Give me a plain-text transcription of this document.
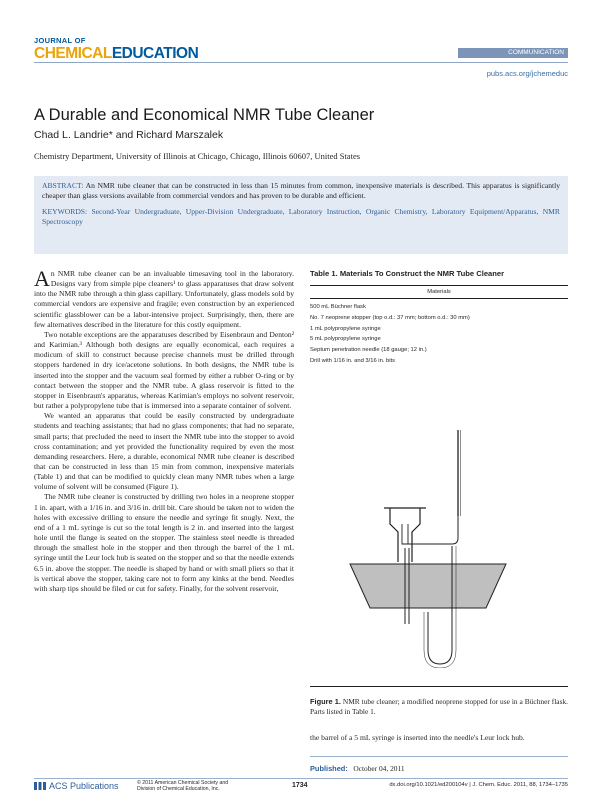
JOURNAL OF
CHEMICALEDUCATION	COMMUNICATION
pubs.acs.org/jchemeduc
A Durable and Economical NMR Tube Cleaner
Chad L. Landrie* and Richard Marszalek
Chemistry Department, University of Illinois at Chicago, Chicago, Illinois 60607, United States
ABSTRACT: An NMR tube cleaner that can be constructed in less than 15 minutes from common, inexpensive materials is described. This apparatus is significantly cheaper than glass versions available from commercial vendors and has proven to be durable and efficient.
KEYWORDS: Second-Year Undergraduate, Upper-Division Undergraduate, Laboratory Instruction, Organic Chemistry, Laboratory Equipment/Apparatus, NMR Spectroscopy

An NMR tube cleaner can be an invaluable timesaving tool in the laboratory. Designs vary from simple pipe cleaners¹ to glass apparatuses that draw solvent into the NMR tube through a thin glass capillary. Unfortunately, glass models sold by commercial vendors are expensive and fragile; even construction by an experienced scientific glassblower can be a labor-intensive project. Surprisingly, then, there are few alternatives described in the literature for this costly equipment.

Two notable exceptions are the apparatuses described by Eisenbraun and Denton² and Karimian.³ Although both designs are equally economical, each requires a modicum of skill to construct because precise channels must be drilled through stoppers hardened in dry ice/acetone solutions. In both designs, the NMR tube is inserted into the stopper and the vacuum seal formed by either a rubber O-ring or by contact between the stopper and the NMR tube. A glass reservoir is fitted to the stopper in Eisenbraun's apparatus, whereas Karimian's employs no solvent reservoir, but rather a polypropylene tube that is immersed into a separate container of solvent.

We wanted an apparatus that could be easily constructed by undergraduate students and teaching assistants; that had no glass components; that had no separate, small parts; that precluded the need to insert the NMR tube into the stopper to avoid cross contamination; and yet provided the functionality required by even the most demanding researchers. Here, a durable, economical NMR tube cleaner is described that can be constructed in less than 15 min from common, inexpensive materials (Table 1) and that can be modified to quickly clean many NMR tubes when a large volume of solvent will be consumed (Figure 1).

The NMR tube cleaner is constructed by drilling two holes in a neoprene stopper 1 in. apart, with a 1/16 in. and 3/16 in. drill bit. Care should be taken not to widen the holes with excessive drilling to ensure the needle and syringe fit snugly. Next, the end of a 1 mL syringe is cut so the total length is 2 in. and inserted into the largest hole until the flange is seated on the stopper. The stainless steel needle is threaded through the smallest hole in the stopper and then through the barrel of the 1 mL syringe until the Leur lock hub is seated on the stopper and so that the needle extends 6.5 in. above the stopper. The needle is shaped by hand or with small pliers so that it is vertical above the stopper, taking care not to form any kinks at the bend. Needles with sharp tips should be filed or cut for safety. Finally, for the solvent reservoir,

Table 1. Materials To Construct the NMR Tube Cleaner
Materials
500 mL Büchner flask
No. 7 neoprene stopper (top o.d.: 37 mm; bottom o.d.: 30 mm)
1 mL polypropylene syringe
5 mL polypropylene syringe
Septum penetration needle (18 gauge; 12 in.)
Drill with 1/16 in. and 3/16 in. bits
Figure 1. NMR tube cleaner; a modified neoprene stopped for use in a Büchner flask. Parts listed in Table 1.
the barrel of a 5 mL syringe is inserted into the needle's Leur lock hub.
Published: October 04, 2011
ACS Publications	© 2011 American Chemical Society and
Division of Chemical Education, Inc.	1734	dx.doi.org/10.1021/ed200104v | J. Chem. Educ. 2011, 88, 1734–1735
